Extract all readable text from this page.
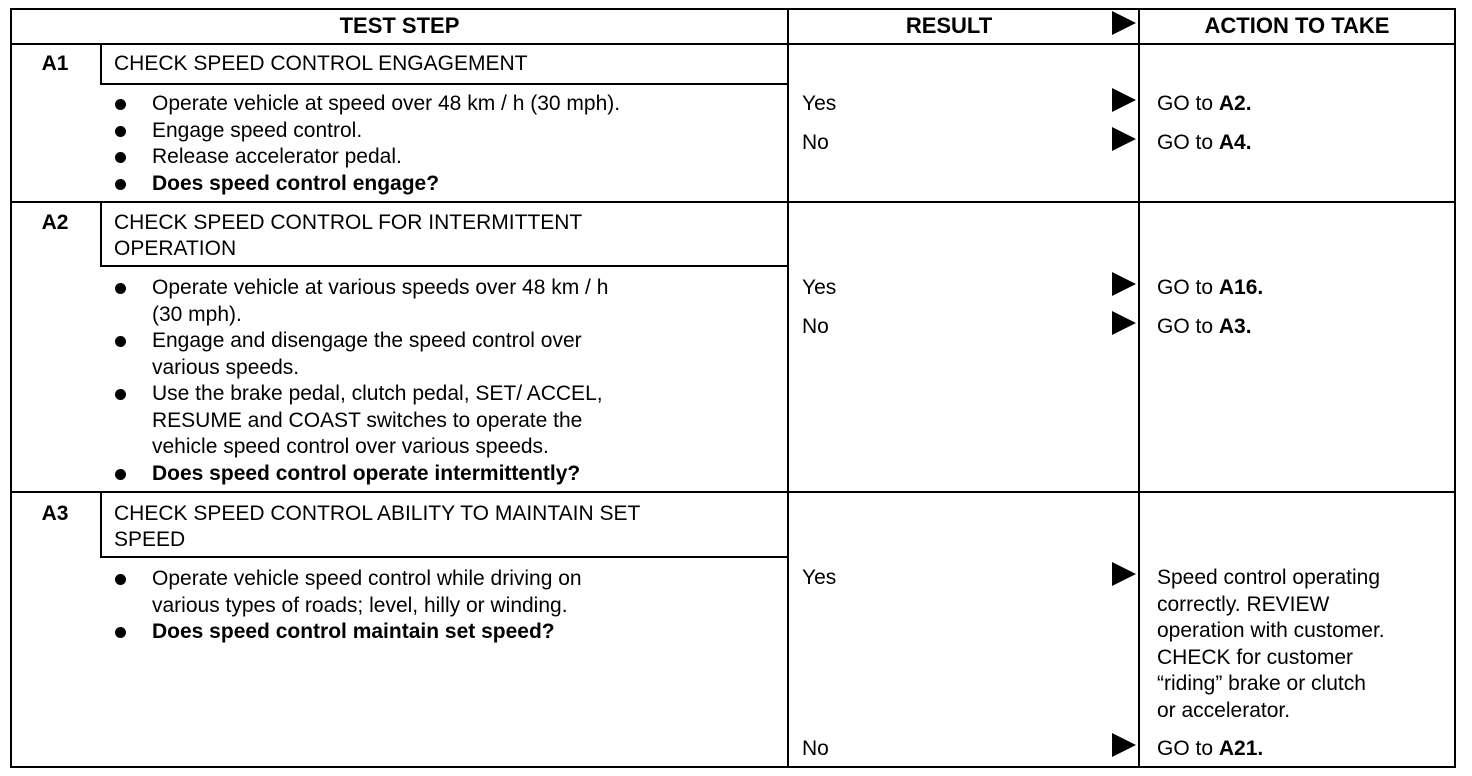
TEST STEP	RESULT	ACTION TO TAKE
A1	CHECK SPEED CONTROL ENGAGEMENT
Operate vehicle at speed over 48 km / h (30 mph).
Engage speed control.
Release accelerator pedal.
Does speed control engage?
Yes	GO to A2.
No	GO to A4.
A2	CHECK SPEED CONTROL FOR INTERMITTENT
OPERATION
Operate vehicle at various speeds over 48 km / h
(30 mph).
Engage and disengage the speed control over
various speeds.
Use the brake pedal, clutch pedal, SET/ ACCEL,
RESUME and COAST switches to operate the
vehicle speed control over various speeds.
Does speed control operate intermittently?
Yes	GO to A16.
No	GO to A3.
A3	CHECK SPEED CONTROL ABILITY TO MAINTAIN SET
SPEED
Operate vehicle speed control while driving on
various types of roads; level, hilly or winding.
Does speed control maintain set speed?
Yes	Speed control operating
correctly. REVIEW
operation with customer.
CHECK for customer
“riding” brake or clutch
or accelerator.
No	GO to A21.
